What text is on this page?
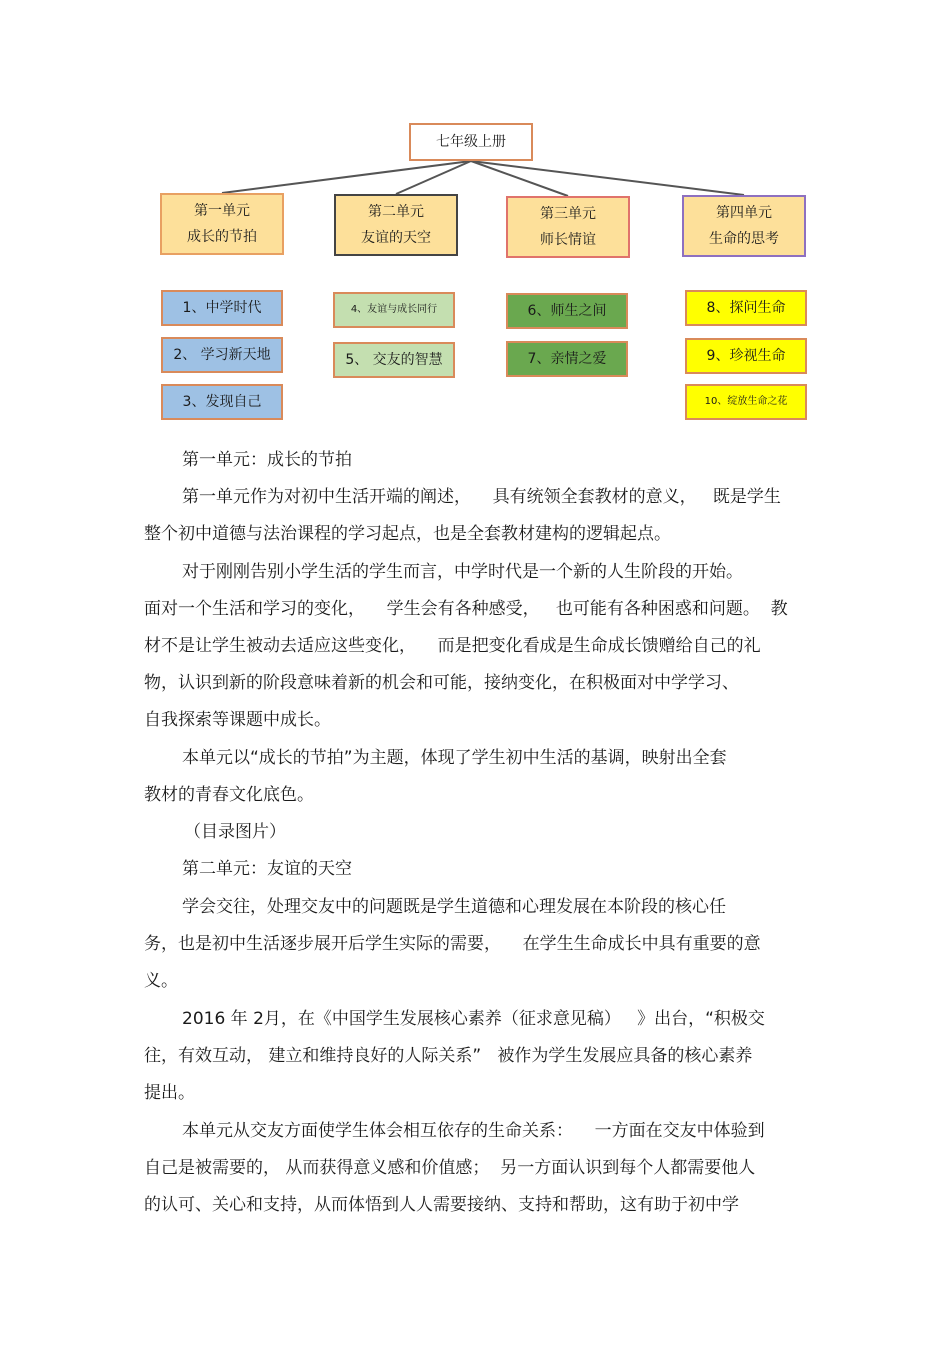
七年级上册
第一单元
成长的节拍
第二单元
友谊的天空
第三单元
师长情谊
第四单元
生命的思考
1、中学时代
2、 学习新天地
3、发现自己
4、友谊与成长同行
5、 交友的智慧
6、师生之间
7、亲情之爱
8、探问生命
9、珍视生命
10、绽放生命之花

第一单元：成长的节拍

第一单元作为对初中生活开端的阐述，    具有统领全套教材的意义，   既是学生

整个初中道德与法治课程的学习起点，也是全套教材建构的逻辑起点。

对于刚刚告别小学生活的学生而言，中学时代是一个新的人生阶段的开始。

面对一个生活和学习的变化，    学生会有各种感受，   也可能有各种困惑和问题。  教

材不是让学生被动去适应这些变化，    而是把变化看成是生命成长馈赠给自己的礼

物，认识到新的阶段意味着新的机会和可能，接纳变化，在积极面对中学学习、

自我探索等课题中成长。

本单元以“成长的节拍”为主题，体现了学生初中生活的基调，映射出全套

教材的青春文化底色。

（目录图片）

第二单元：友谊的天空

学会交往，处理交友中的问题既是学生道德和心理发展在本阶段的核心任

务，也是初中生活逐步展开后学生实际的需要，    在学生生命成长中具有重要的意

义。

2016 年 2月，在《中国学生发展核心素养（征求意见稿）   》出台，“积极交

往，有效互动， 建立和维持良好的人际关系”   被作为学生发展应具备的核心素养

提出。

本单元从交友方面使学生体会相互依存的生命关系：    一方面在交友中体验到

自己是被需要的， 从而获得意义感和价值感；  另一方面认识到每个人都需要他人

的认可、关心和支持，从而体悟到人人需要接纳、支持和帮助，这有助于初中学
